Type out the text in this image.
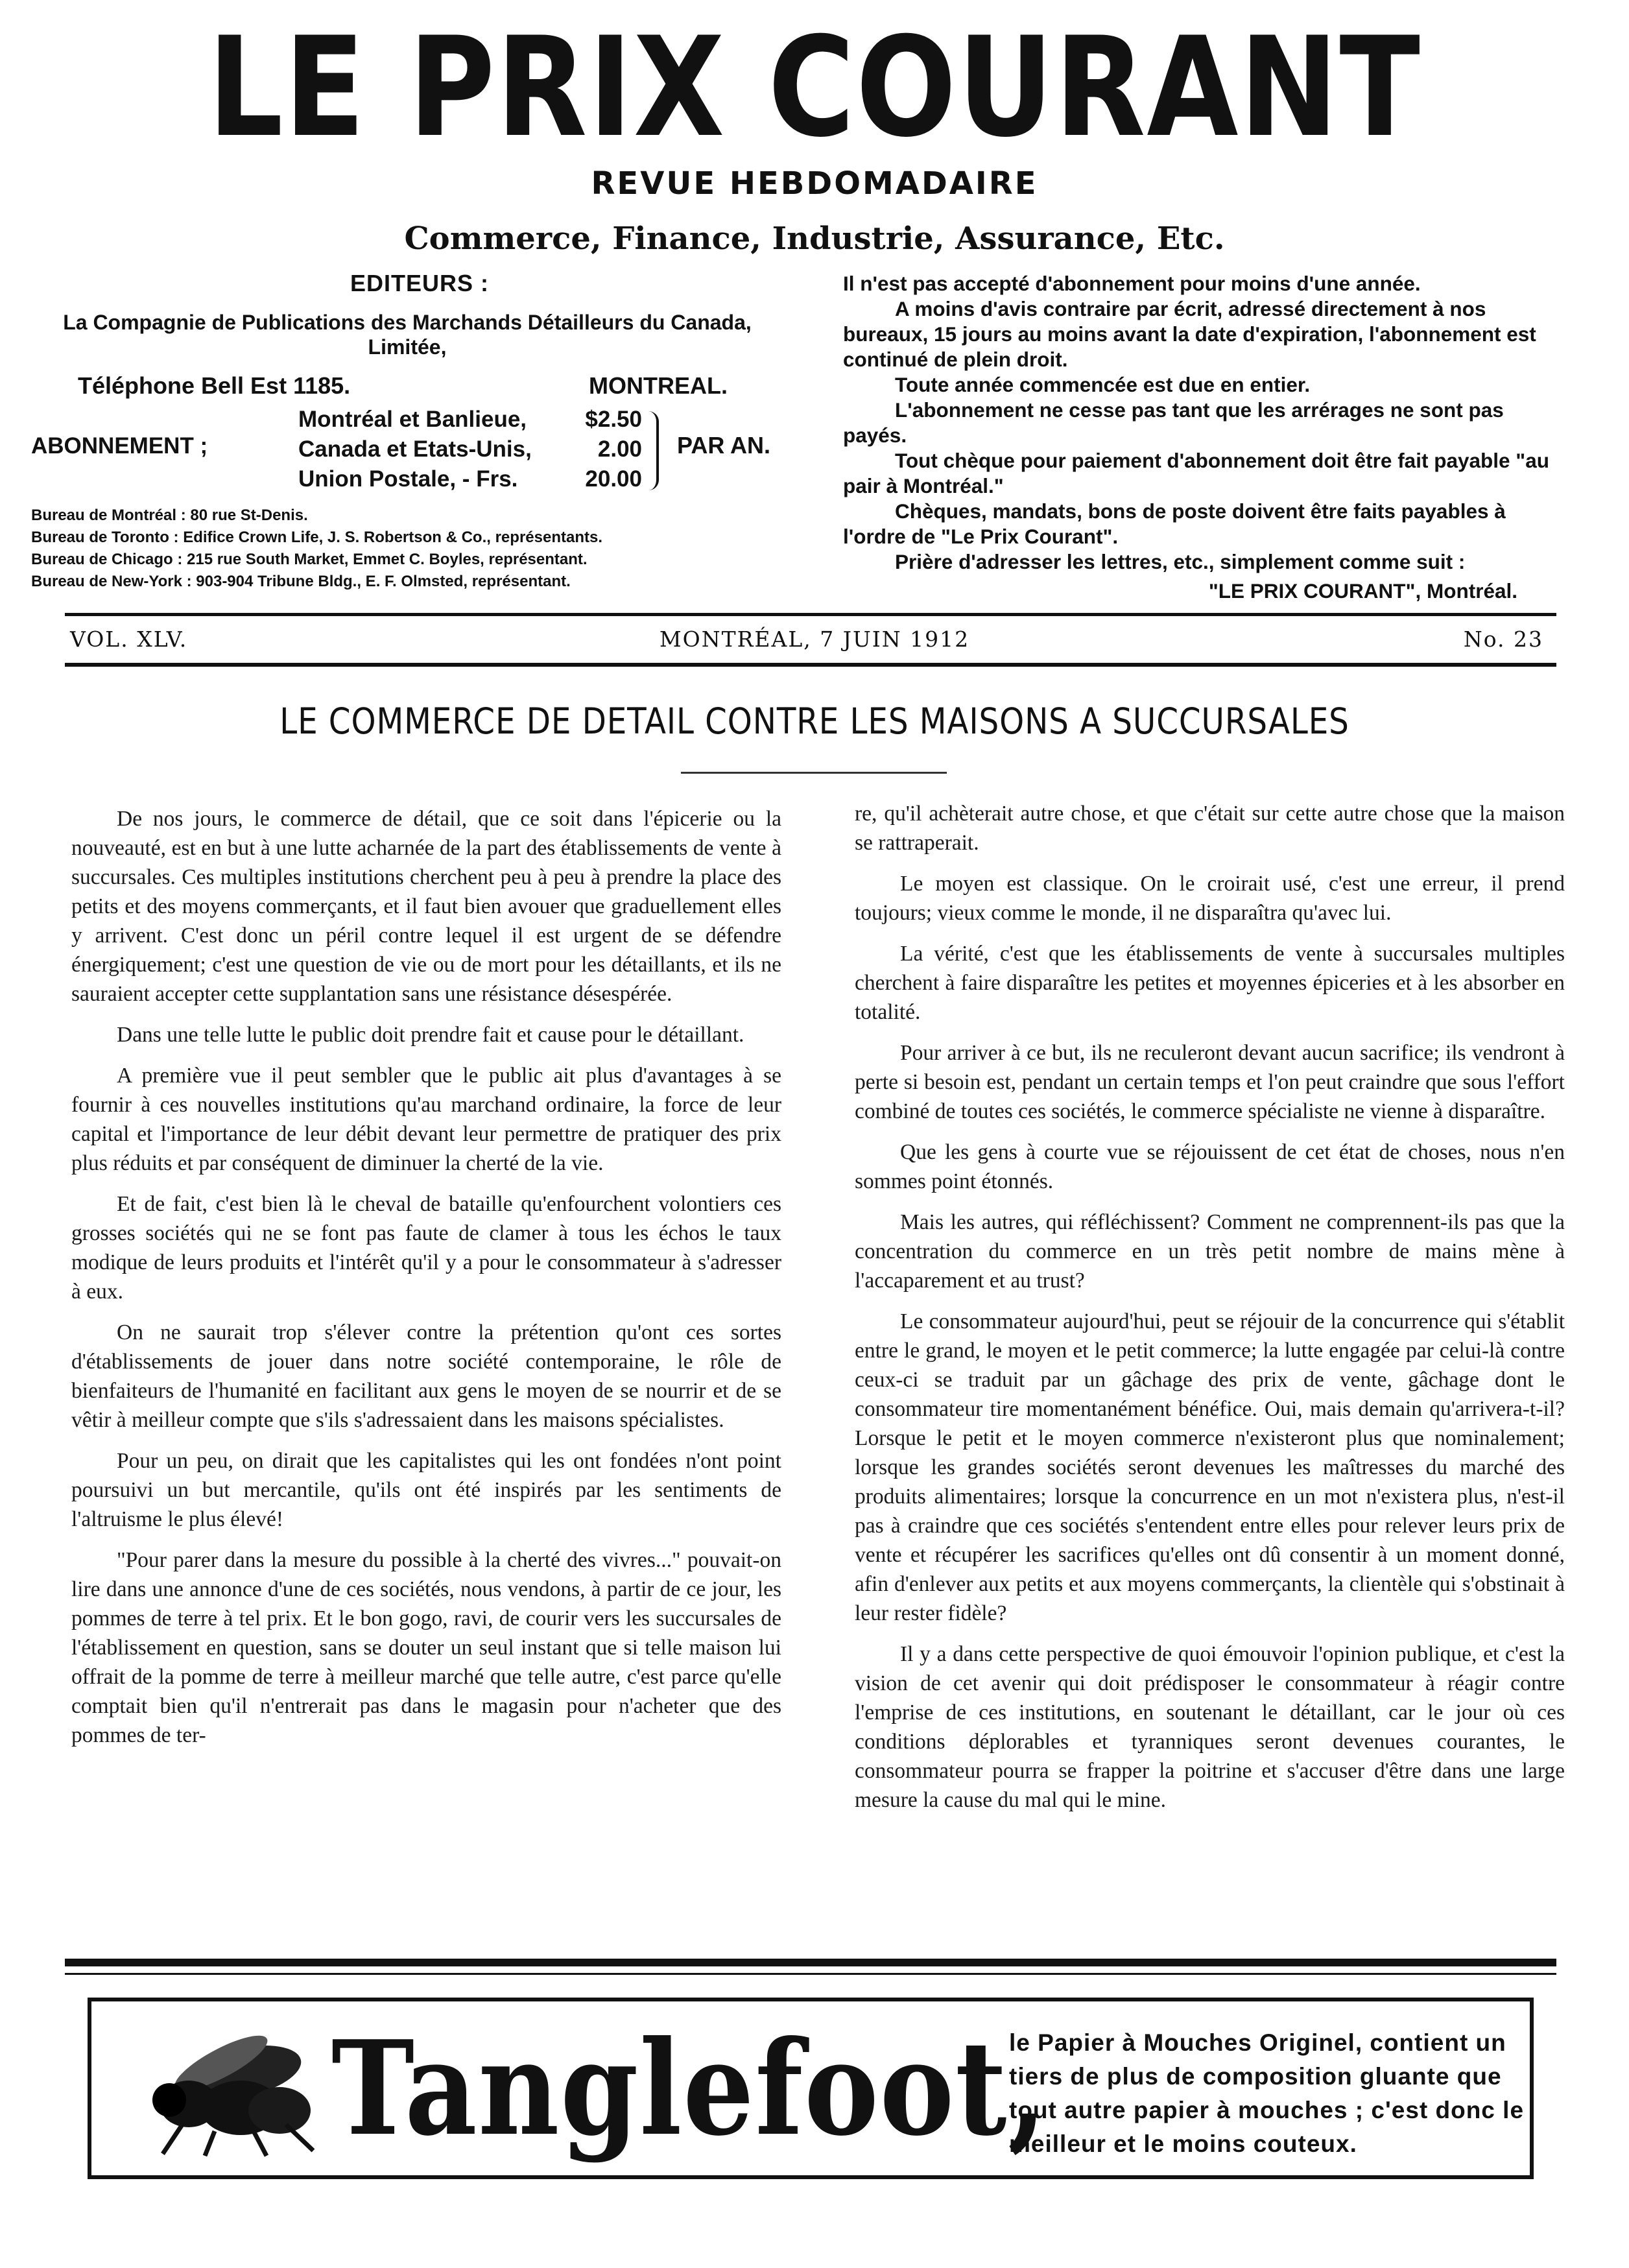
LE PRIX COURANT
REVUE HEBDOMADAIRE
Commerce, Finance, Industrie, Assurance, Etc.
EDITEURS :
La Compagnie de Publications des Marchands Détailleurs du Canada, Limitée,
Téléphone Bell Est 1185.	MONTREAL.
ABONNEMENT ;
Montréal et Banlieue,	$2.50
Canada et Etats-Unis,	2.00
Union Postale, - Frs.	20.00
PAR AN.
Bureau de Montréal : 80 rue St-Denis.
Bureau de Toronto : Edifice Crown Life, J. S. Robertson & Co., représentants.
Bureau de Chicago : 215 rue South Market, Emmet C. Boyles, représentant.
Bureau de New-York : 903-904 Tribune Bldg., E. F. Olmsted, représentant.

Il n'est pas accepté d'abonnement pour moins d'une année.

A moins d'avis contraire par écrit, adressé directement à nos bureaux, 15 jours au moins avant la date d'expiration, l'abonnement est continué de plein droit.

Toute année commencée est due en entier.

L'abonnement ne cesse pas tant que les arrérages ne sont pas payés.

Tout chèque pour paiement d'abonnement doit être fait payable "au pair à Montréal."

Chèques, mandats, bons de poste doivent être faits payables à l'ordre de "Le Prix Courant".

Prière d'adresser les lettres, etc., simplement comme suit :

"LE PRIX COURANT", Montréal.

VOL. XLV.	MONTRÉAL, 7 JUIN 1912	No. 23
LE COMMERCE DE DETAIL CONTRE LES MAISONS A SUCCURSALES

De nos jours, le commerce de détail, que ce soit dans l'épicerie ou la nouveauté, est en but à une lutte acharnée de la part des établissements de vente à succursales. Ces multiples institutions cherchent peu à peu à prendre la place des petits et des moyens commerçants, et il faut bien avouer que graduellement elles y arrivent. C'est donc un péril contre lequel il est urgent de se défendre énergiquement; c'est une question de vie ou de mort pour les détaillants, et ils ne sauraient accepter cette supplantation sans une résistance désespérée.

Dans une telle lutte le public doit prendre fait et cause pour le détaillant.

A première vue il peut sembler que le public ait plus d'avantages à se fournir à ces nouvelles institutions qu'au marchand ordinaire, la force de leur capital et l'importance de leur débit devant leur permettre de pratiquer des prix plus réduits et par conséquent de diminuer la cherté de la vie.

Et de fait, c'est bien là le cheval de bataille qu'enfourchent volontiers ces grosses sociétés qui ne se font pas faute de clamer à tous les échos le taux modique de leurs produits et l'intérêt qu'il y a pour le consommateur à s'adresser à eux.

On ne saurait trop s'élever contre la prétention qu'ont ces sortes d'établissements de jouer dans notre société contemporaine, le rôle de bienfaiteurs de l'humanité en facilitant aux gens le moyen de se nourrir et de se vêtir à meilleur compte que s'ils s'adressaient dans les maisons spécialistes.

Pour un peu, on dirait que les capitalistes qui les ont fondées n'ont point poursuivi un but mercantile, qu'ils ont été inspirés par les sentiments de l'altruisme le plus élevé!

"Pour parer dans la mesure du possible à la cherté des vivres..." pouvait-on lire dans une annonce d'une de ces sociétés, nous vendons, à partir de ce jour, les pommes de terre à tel prix. Et le bon gogo, ravi, de courir vers les succursales de l'établissement en question, sans se douter un seul instant que si telle maison lui offrait de la pomme de terre à meilleur marché que telle autre, c'est parce qu'elle comptait bien qu'il n'entrerait pas dans le magasin pour n'acheter que des pommes de ter-

re, qu'il achèterait autre chose, et que c'était sur cette autre chose que la maison se rattraperait.

Le moyen est classique. On le croirait usé, c'est une erreur, il prend toujours; vieux comme le monde, il ne disparaîtra qu'avec lui.

La vérité, c'est que les établissements de vente à succursales multiples cherchent à faire disparaître les petites et moyennes épiceries et à les absorber en totalité.

Pour arriver à ce but, ils ne reculeront devant aucun sacrifice; ils vendront à perte si besoin est, pendant un certain temps et l'on peut craindre que sous l'effort combiné de toutes ces sociétés, le commerce spécialiste ne vienne à disparaître.

Que les gens à courte vue se réjouissent de cet état de choses, nous n'en sommes point étonnés.

Mais les autres, qui réfléchissent? Comment ne comprennent-ils pas que la concentration du commerce en un très petit nombre de mains mène à l'accaparement et au trust?

Le consommateur aujourd'hui, peut se réjouir de la concurrence qui s'établit entre le grand, le moyen et le petit commerce; la lutte engagée par celui-là contre ceux-ci se traduit par un gâchage des prix de vente, gâchage dont le consommateur tire momentanément bénéfice. Oui, mais demain qu'arrivera-t-il? Lorsque le petit et le moyen commerce n'existeront plus que nominalement; lorsque les grandes sociétés seront devenues les maîtresses du marché des produits alimentaires; lorsque la concurrence en un mot n'existera plus, n'est-il pas à craindre que ces sociétés s'entendent entre elles pour relever leurs prix de vente et récupérer les sacrifices qu'elles ont dû consentir à un moment donné, afin d'enlever aux petits et aux moyens commerçants, la clientèle qui s'obstinait à leur rester fidèle?

Il y a dans cette perspective de quoi émouvoir l'opinion publique, et c'est la vision de cet avenir qui doit prédisposer le consommateur à réagir contre l'emprise de ces institutions, en soutenant le détaillant, car le jour où ces conditions déplorables et tyranniques seront devenues courantes, le consommateur pourra se frapper la poitrine et s'accuser d'être dans une large mesure la cause du mal qui le mine.

Tanglefoot,
le Papier à Mouches Originel, contient un tiers de plus de composition gluante que tout autre papier à mouches ; c'est donc le meilleur et le moins couteux.
